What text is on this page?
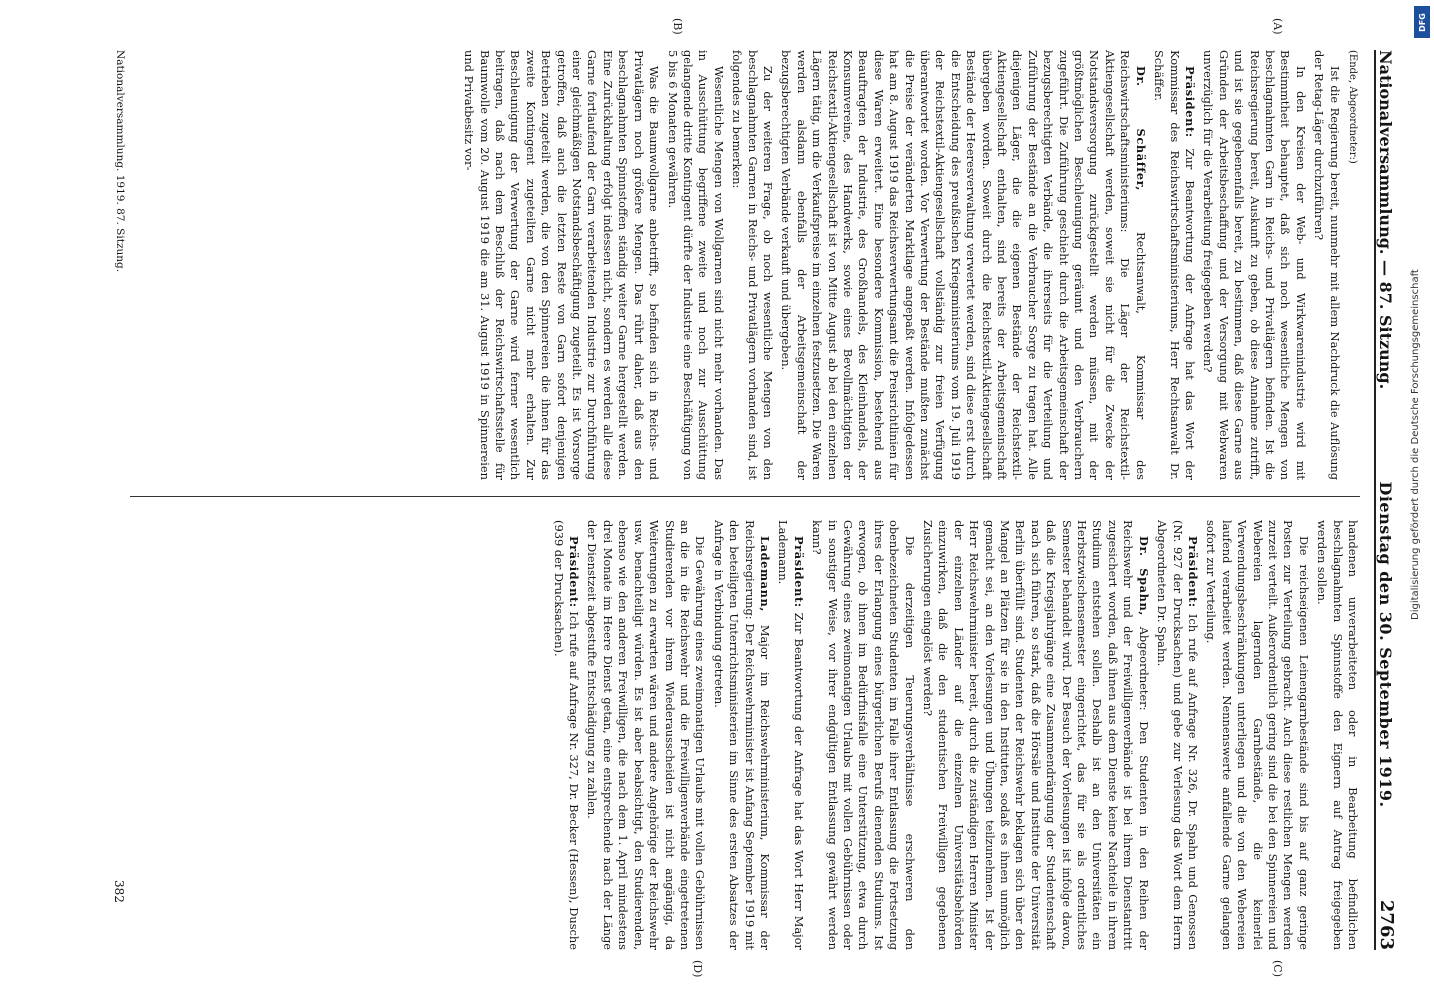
Nationalversammlung. — 87. Sitzung.
Dienstag den 30. September 1919.
2763
(A)
(B)
(C)
(D)

(Ende, Abgeordneter:)

Ist die Regierung bereit, nunmehr mit allem Nachdruck die Auflösung der Retag-Läger durchzuführen?

In den Kreisen der Web- und Wirkwarenindustrie wird mit Bestimmtheit behauptet, daß sich noch wesentliche Mengen von beschlagnahmten Garn in Reichs- und Privatlägern befinden. Ist die Reichsregierung bereit, Auskunft zu geben, ob diese Annahme zutrifft, und ist sie gegebenenfalls bereit, zu bestimmen, daß diese Garne aus Gründen der Arbeitsbeschaffung und der Versorgung mit Webwaren unverzüglich für die Verarbeitung freigegeben werden?

Präsident: Zur Beantwortung der Anfrage hat das Wort der Kommissar des Reichswirtschaftsministeriums, Herr Rechtsanwalt Dr. Schäffer.

Dr. Schäffer, Rechtsanwalt, Kommissar des Reichswirtschaftsministeriums: Die Läger der Reichstextil-Aktiengesellschaft werden, soweit sie nicht für die Zwecke der Notstandsversorgung zurückgestellt werden müssen, mit der größtmöglichen Beschleunigung geräumt und den Verbrauchern zugeführt. Die Zuführung geschieht durch die Arbeitsgemeinschaft der bezugsberechtigten Verbände, die ihrerseits für die Verteilung und Zuführung der Bestände an die Verbraucher Sorge zu tragen hat. Alle diejenigen Läger, die die eigenen Bestände der Reichstextil-Aktiengesellschaft enthalten, sind bereits der Arbeitsgemeinschaft übergeben worden. Soweit durch die Reichstextil-Aktiengesellschaft Bestände der Heeresverwaltung verwertet werden, sind diese erst durch die Entscheidung des preußischen Kriegsministeriums vom 19. Juli 1919 der Reichstextil-Aktiengesellschaft vollständig zur freien Verfügung überantwortet worden. Vor Verwertung der Bestände mußten zunächst die Preise der veränderten Marktlage angepaßt werden. Infolgedessen hat am 8. August 1919 das Reichsverwertungsamt die Preisrichtlinien für diese Waren erweitert. Eine besondere Kommission, bestehend aus Beauftragten der Industrie, des Großhandels, des Kleinhandels, der Konsumvereine, des Handwerks, sowie eines Bevollmächtigten der Reichstextil-Aktiengesellschaft ist von Mitte August ab bei den einzelnen Lägern tätig, um die Verkaufspreise im einzelnen festzusetzen. Die Waren werden alsdann ebenfalls der Arbeitsgemeinschaft der bezugsberechtigten Verbände verkauft und übergeben.

Zu der weiteren Frage, ob noch wesentliche Mengen von den beschlagnahmten Garnen in Reichs- und Privatlägern vorhanden sind, ist folgendes zu bemerken:

Wesentliche Mengen von Wollgarnen sind nicht mehr vorhanden. Das in Ausschüttung begriffene zweite und noch zur Ausschüttung gelangende dritte Kontingent dürfte der Industrie eine Beschäftigung von 5 bis 6 Monaten gewähren.

Was die Baumwollgarne anbetrifft, so befinden sich in Reichs- und Privatlägern noch größere Mengen. Das rührt daher, daß aus den beschlagnahmten Spinnstoffen ständig weiter Garne hergestellt werden. Eine Zurückhaltung erfolgt indessen nicht, sondern es werden alle diese Garne fortlaufend der Garn verarbeitenden Industrie zur Durchführung einer gleichmäßigen Notstandsbeschäftigung zugeteilt. Es ist Vorsorge getroffen, daß auch die letzten Reste von Garn sofort denjenigen Betrieben zugeteilt werden, die von den Spinnereien die ihnen für das zweite Kontingent zugeteilten Garne nicht mehr erhalten. Zur Beschleunigung der Verwertung der Garne wird ferner wesentlich beitragen, daß nach dem Beschluß der Reichswirtschaftsstelle für Baumwolle vom 20. August 1919 die am 31. August 1919 in Spinnereien und Privatbesitz vor-

handenen unverarbeiteten oder in Bearbeitung befindlichen beschlagnahmten Spinnstoffe den Eignern auf Antrag freigegeben werden sollen.

Die reichseigenen Leinengarnbestände sind bis auf ganz geringe Posten zur Verteilung gebracht. Auch diese restlichen Mengen werden zurzeit verteilt. Außerordentlich gering sind die bei den Spinnereien und Webereien lagernden Garnbestände, die keinerlei Verwendungsbeschränkungen unterliegen und die von den Webereien laufend verarbeitet werden. Nennenswerte anfallende Garne gelangen sofort zur Verteilung.

Präsident: Ich rufe auf Anfrage Nr. 326, Dr. Spahn und Genossen (Nr. 927 der Drucksachen) und gebe zur Verlesung das Wort dem Herrn Abgeordneten Dr. Spahn.

Dr. Spahn, Abgeordneter: Den Studenten in den Reihen der Reichswehr und der Freiwilligenverbände ist bei ihrem Dienstantritt zugesichert worden, daß ihnen aus dem Dienste keine Nachteile in ihrem Studium entstehen sollen. Deshalb ist an den Universitäten ein Herbstzwischensemester eingerichtet, das für sie als ordentliches Semester behandelt wird. Der Besuch der Vorlesungen ist infolge davon, daß die Kriegsjahrgänge eine Zusammendrängung der Studentenschaft nach sich führen, so stark, daß die Hörsäle und Institute der Universität Berlin überfüllt sind. Studenten der Reichswehr beklagen sich über den Mangel an Plätzen für sie in den Instituten, sodaß es ihnen unmöglich gemacht sei, an den Vorlesungen und Übungen teilzunehmen. Ist der Herr Reichswehrminister bereit, durch die zuständigen Herren Minister der einzelnen Länder auf die einzelnen Universitätsbehörden einzuwirken, daß die den studentischen Freiwilligen gegebenen Zusicherungen eingelöst werden?

Die derzeitigen Teuerungsverhältnisse erschweren den obenbezeichneten Studenten im Falle ihrer Entlassung die Fortsetzung ihres der Erlangung eines bürgerlichen Berufs dienenden Studiums. Ist erwogen, ob ihnen im Bedürfnisfalle eine Unterstützung, etwa durch Gewährung eines zweimonatigen Urlaubs mit vollen Gebührnissen oder in sonstiger Weise, vor ihrer endgültigen Entlassung gewährt werden kann?

Präsident: Zur Beantwortung der Anfrage hat das Wort Herr Major Lademann.

Lademann, Major im Reichswehrministerium, Kommissar der Reichsregierung: Der Reichswehrminister ist Anfang September 1919 mit den beteiligten Unterrichtsministerien im Sinne des ersten Absatzes der Anfrage in Verbindung getreten.

Die Gewährung eines zweimonatigen Urlaubs mit vollen Gebührnissen an die in die Reichswehr und die Freiwilligenverbände eingetretenen Studierenden vor ihrem Wiederausscheiden ist nicht angängig, da Weiterungen zu erwarten wären und andere Angehörige der Reichswehr usw. benachteiligt würden. Es ist aber beabsichtigt, den Studierenden, ebenso wie den anderen Freiwilligen, die nach dem 1. April mindestens drei Monate im Heere Dienst getan, eine entsprechende nach der Länge der Dienstzeit abgestufte Entschädigung zu zahlen.

Präsident: Ich rufe auf Anfrage Nr. 327, Dr. Becker (Hessen), Dusche (939 der Drucksachen).

Nationalversammlung. 1919. 87. Sitzung.
382
DFG
Digitalisierung gefördert durch die Deutsche Forschungsgemeinschaft
